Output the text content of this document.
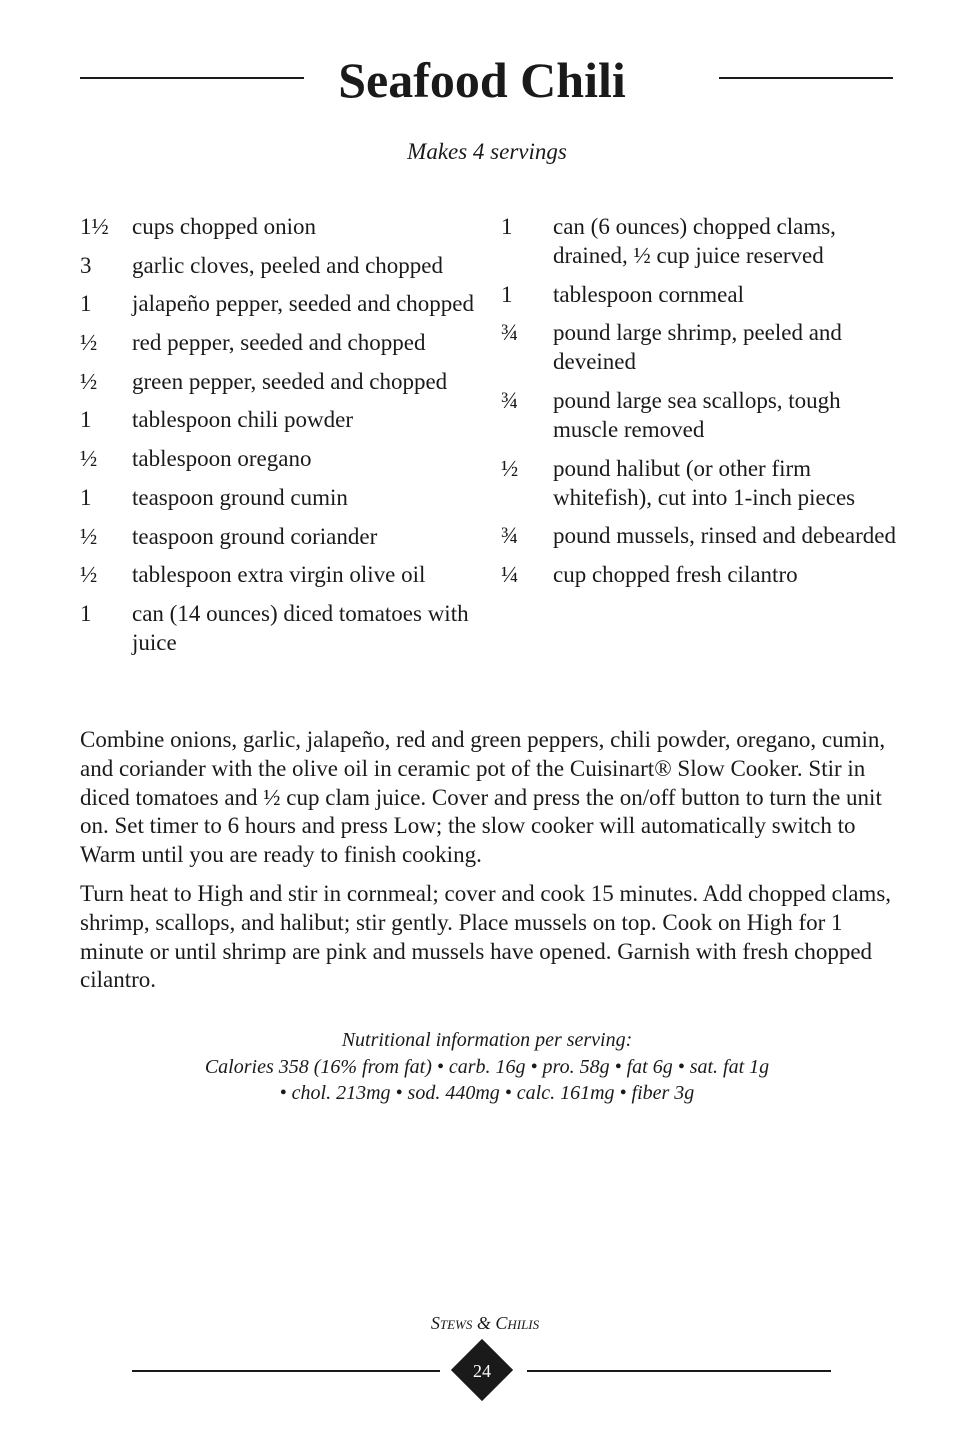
Seafood Chili
Makes 4 servings
1½	cups chopped onion
3	garlic cloves, peeled and chopped
1	jalapeño pepper, seeded and chopped
½	red pepper, seeded and chopped
½	green pepper, seeded and chopped
1	tablespoon chili powder
½	tablespoon oregano
1	teaspoon ground cumin
½	teaspoon ground coriander
½	tablespoon extra virgin olive oil
1	can (14 ounces) diced tomatoes with juice
1	can (6 ounces) chopped clams, drained, ½ cup juice reserved
1	tablespoon cornmeal
¾	pound large shrimp, peeled and deveined
¾	pound large sea scallops, tough muscle removed
½	pound halibut (or other firm whitefish), cut into 1-inch pieces
¾	pound mussels, rinsed and debearded
¼	cup chopped fresh cilantro

Combine onions, garlic, jalapeño, red and green peppers, chili powder, oregano, cumin, and coriander with the olive oil in ceramic pot of the Cuisinart® Slow Cooker. Stir in diced tomatoes and ½ cup clam juice. Cover and press the on/off button to turn the unit on. Set timer to 6 hours and press Low; the slow cooker will automatically switch to Warm until you are ready to finish cooking.

Turn heat to High and stir in cornmeal; cover and cook 15 minutes. Add chopped clams, shrimp, scallops, and halibut; stir gently. Place mussels on top. Cook on High for 1 minute or until shrimp are pink and mussels have opened. Garnish with fresh chopped cilantro.

Nutritional information per serving:
Calories 358 (16% from fat) • carb. 16g • pro. 58g • fat 6g • sat. fat 1g
• chol. 213mg • sod. 440mg • calc. 161mg • fiber 3g
Stews & Chilis
24
